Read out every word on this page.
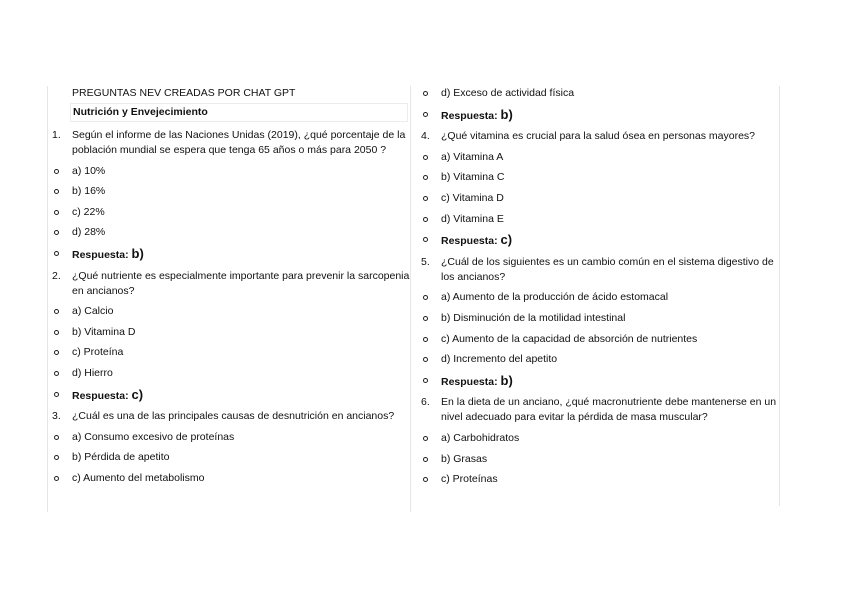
PREGUNTAS NEV CREADAS POR CHAT GPT
Nutrición y Envejecimiento
1. Según el informe de las Naciones Unidas (2019), ¿qué porcentaje de la población mundial se espera que tenga 65 años o más para 2050 ?
a) 10%
b) 16%
c) 22%
d) 28%
Respuesta: b)
2. ¿Qué nutriente es especialmente importante para prevenir la sarcopenia en ancianos?
a) Calcio
b) Vitamina D
c) Proteína
d) Hierro
Respuesta: c)
3. ¿Cuál es una de las principales causas de desnutrición en ancianos?
a) Consumo excesivo de proteínas
b) Pérdida de apetito
c) Aumento del metabolismo
d) Exceso de actividad física
Respuesta: b)
4. ¿Qué vitamina es crucial para la salud ósea en personas mayores?
a) Vitamina A
b) Vitamina C
c) Vitamina D
d) Vitamina E
Respuesta: c)
5. ¿Cuál de los siguientes es un cambio común en el sistema digestivo de los ancianos?
a) Aumento de la producción de ácido estomacal
b) Disminución de la motilidad intestinal
c) Aumento de la capacidad de absorción de nutrientes
d) Incremento del apetito
Respuesta: b)
6. En la dieta de un anciano, ¿qué macronutriente debe mantenerse en un nivel adecuado para evitar la pérdida de masa muscular?
a) Carbohidratos
b) Grasas
c) Proteínas
